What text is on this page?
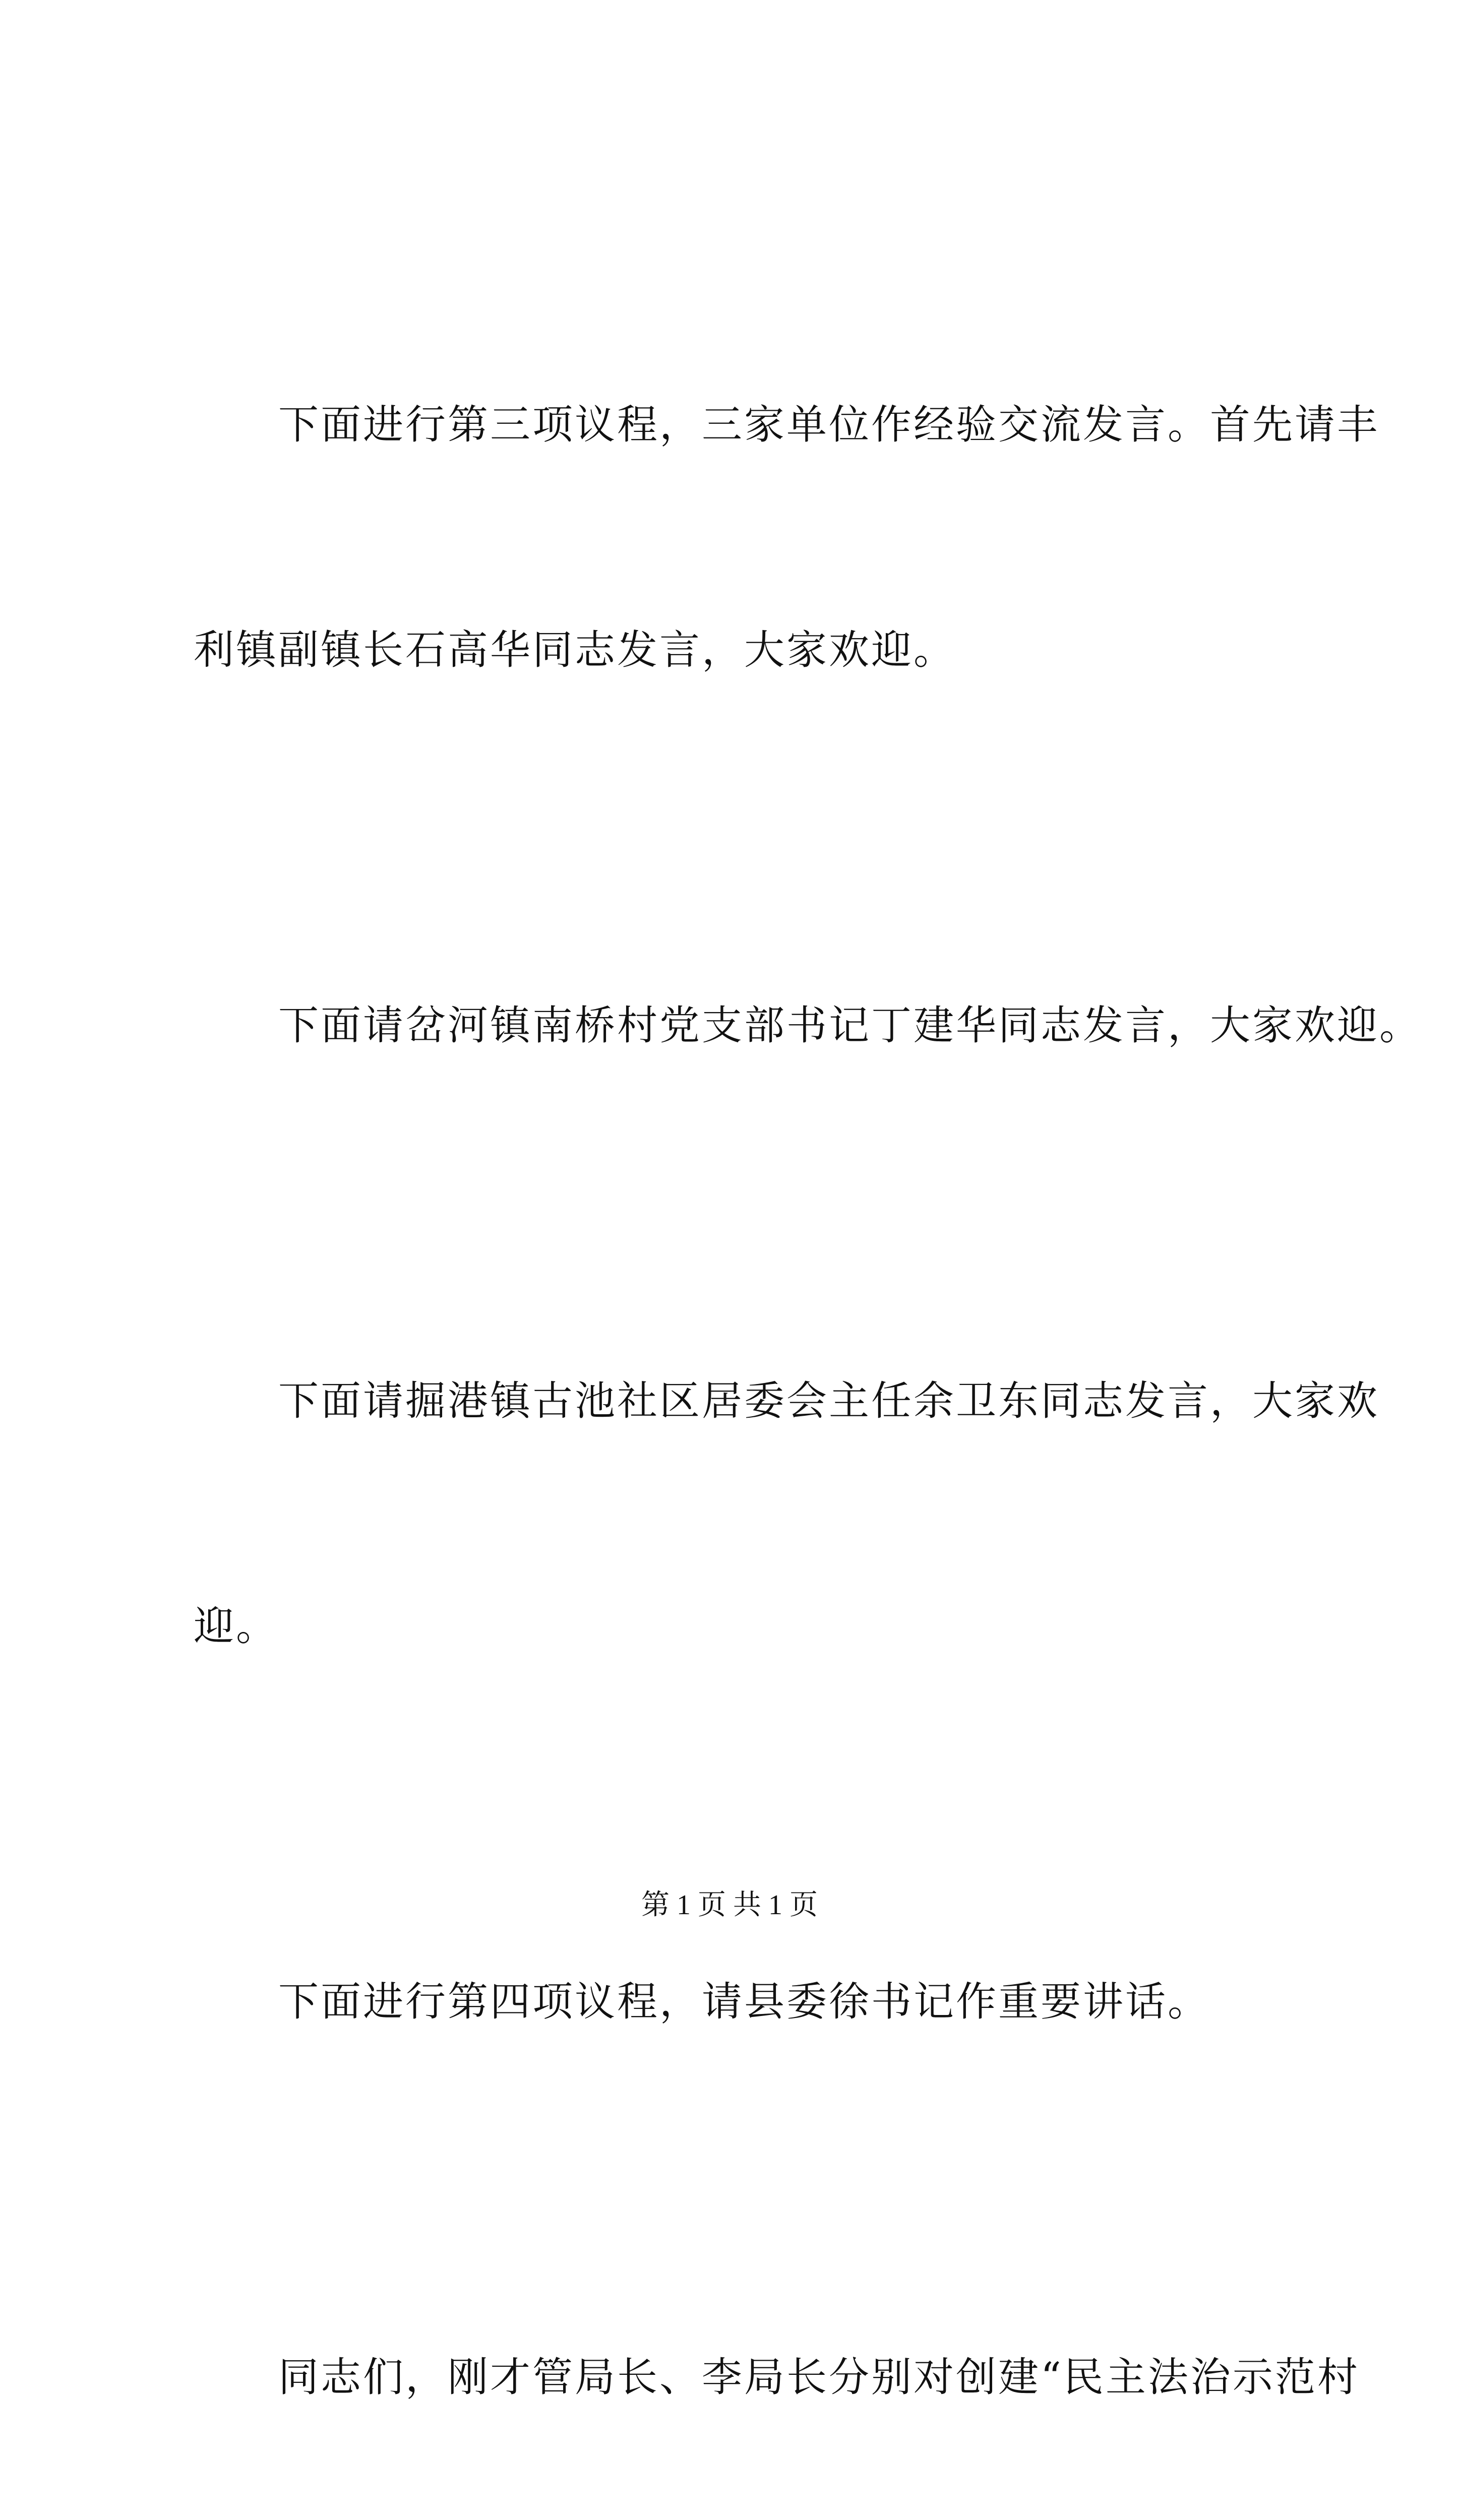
下面进行第三项议程，三家单位作经验交流发言。首先请丰

利镇副镇长石高华同志发言，大家欢迎。

下面请岔河镇南桥村党支部书记丁建华同志发言，大家欢迎。

下面请掘港镇古池社区居委会主任余卫东同志发言，大家欢

迎。

下面进行第四项议程，请县委徐书记作重要讲话。

同志们，刚才管局长、李局长分别对创建“民主法治示范村

第 1 页 共 1 页
